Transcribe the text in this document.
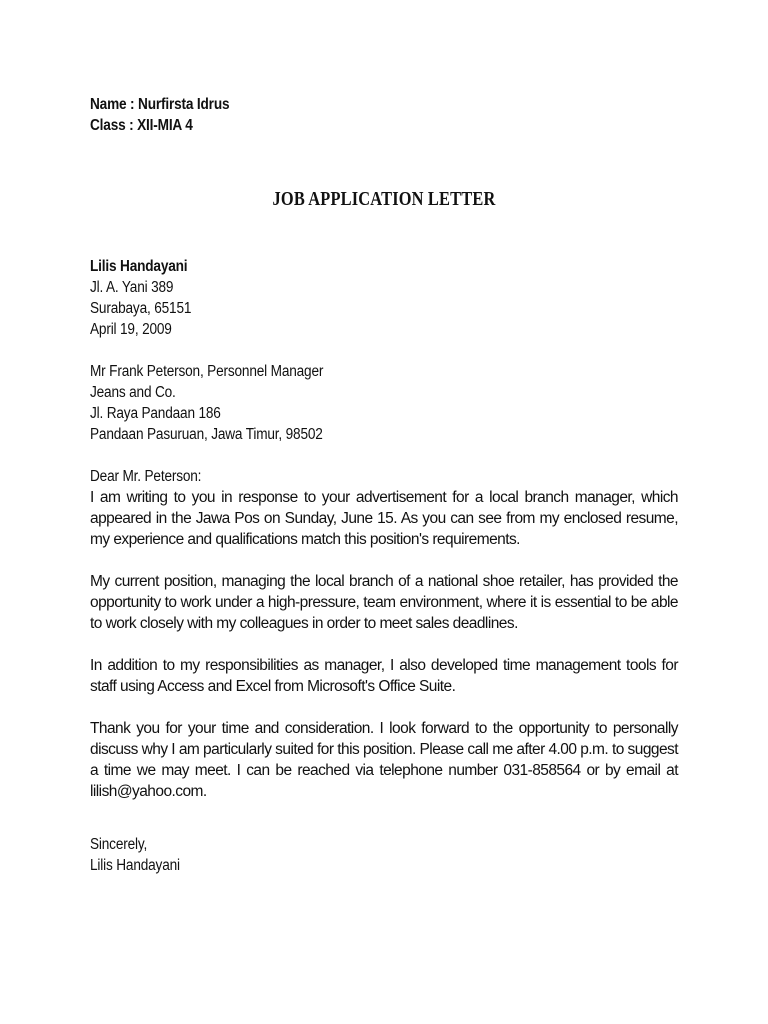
Name : Nurfirsta Idrus
Class : XII-MIA 4
JOB APPLICATION LETTER
Lilis Handayani
Jl. A. Yani 389
Surabaya, 65151
April 19, 2009
Mr Frank Peterson, Personnel Manager
Jeans and Co.
Jl. Raya Pandaan 186
Pandaan Pasuruan, Jawa Timur, 98502
Dear Mr. Peterson:

I am writing to you in response to your advertisement for a local branch manager, which appeared in the Jawa Pos on Sunday, June 15. As you can see from my enclosed resume, my experience and qualifications match this position's requirements.

My current position, managing the local branch of a national shoe retailer, has provided the opportunity to work under a high-pressure, team environment, where it is essential to be able to work closely with my colleagues in order to meet sales deadlines.

In addition to my responsibilities as manager, I also developed time management tools for staff using Access and Excel from Microsoft's Office Suite.

Thank you for your time and consideration. I look forward to the opportunity to personally discuss why I am particularly suited for this position. Please call me after 4.00 p.m. to suggest a time we may meet. I can be reached via telephone number 031-858564 or by email at lilish@yahoo.com.

Sincerely,
Lilis Handayani
